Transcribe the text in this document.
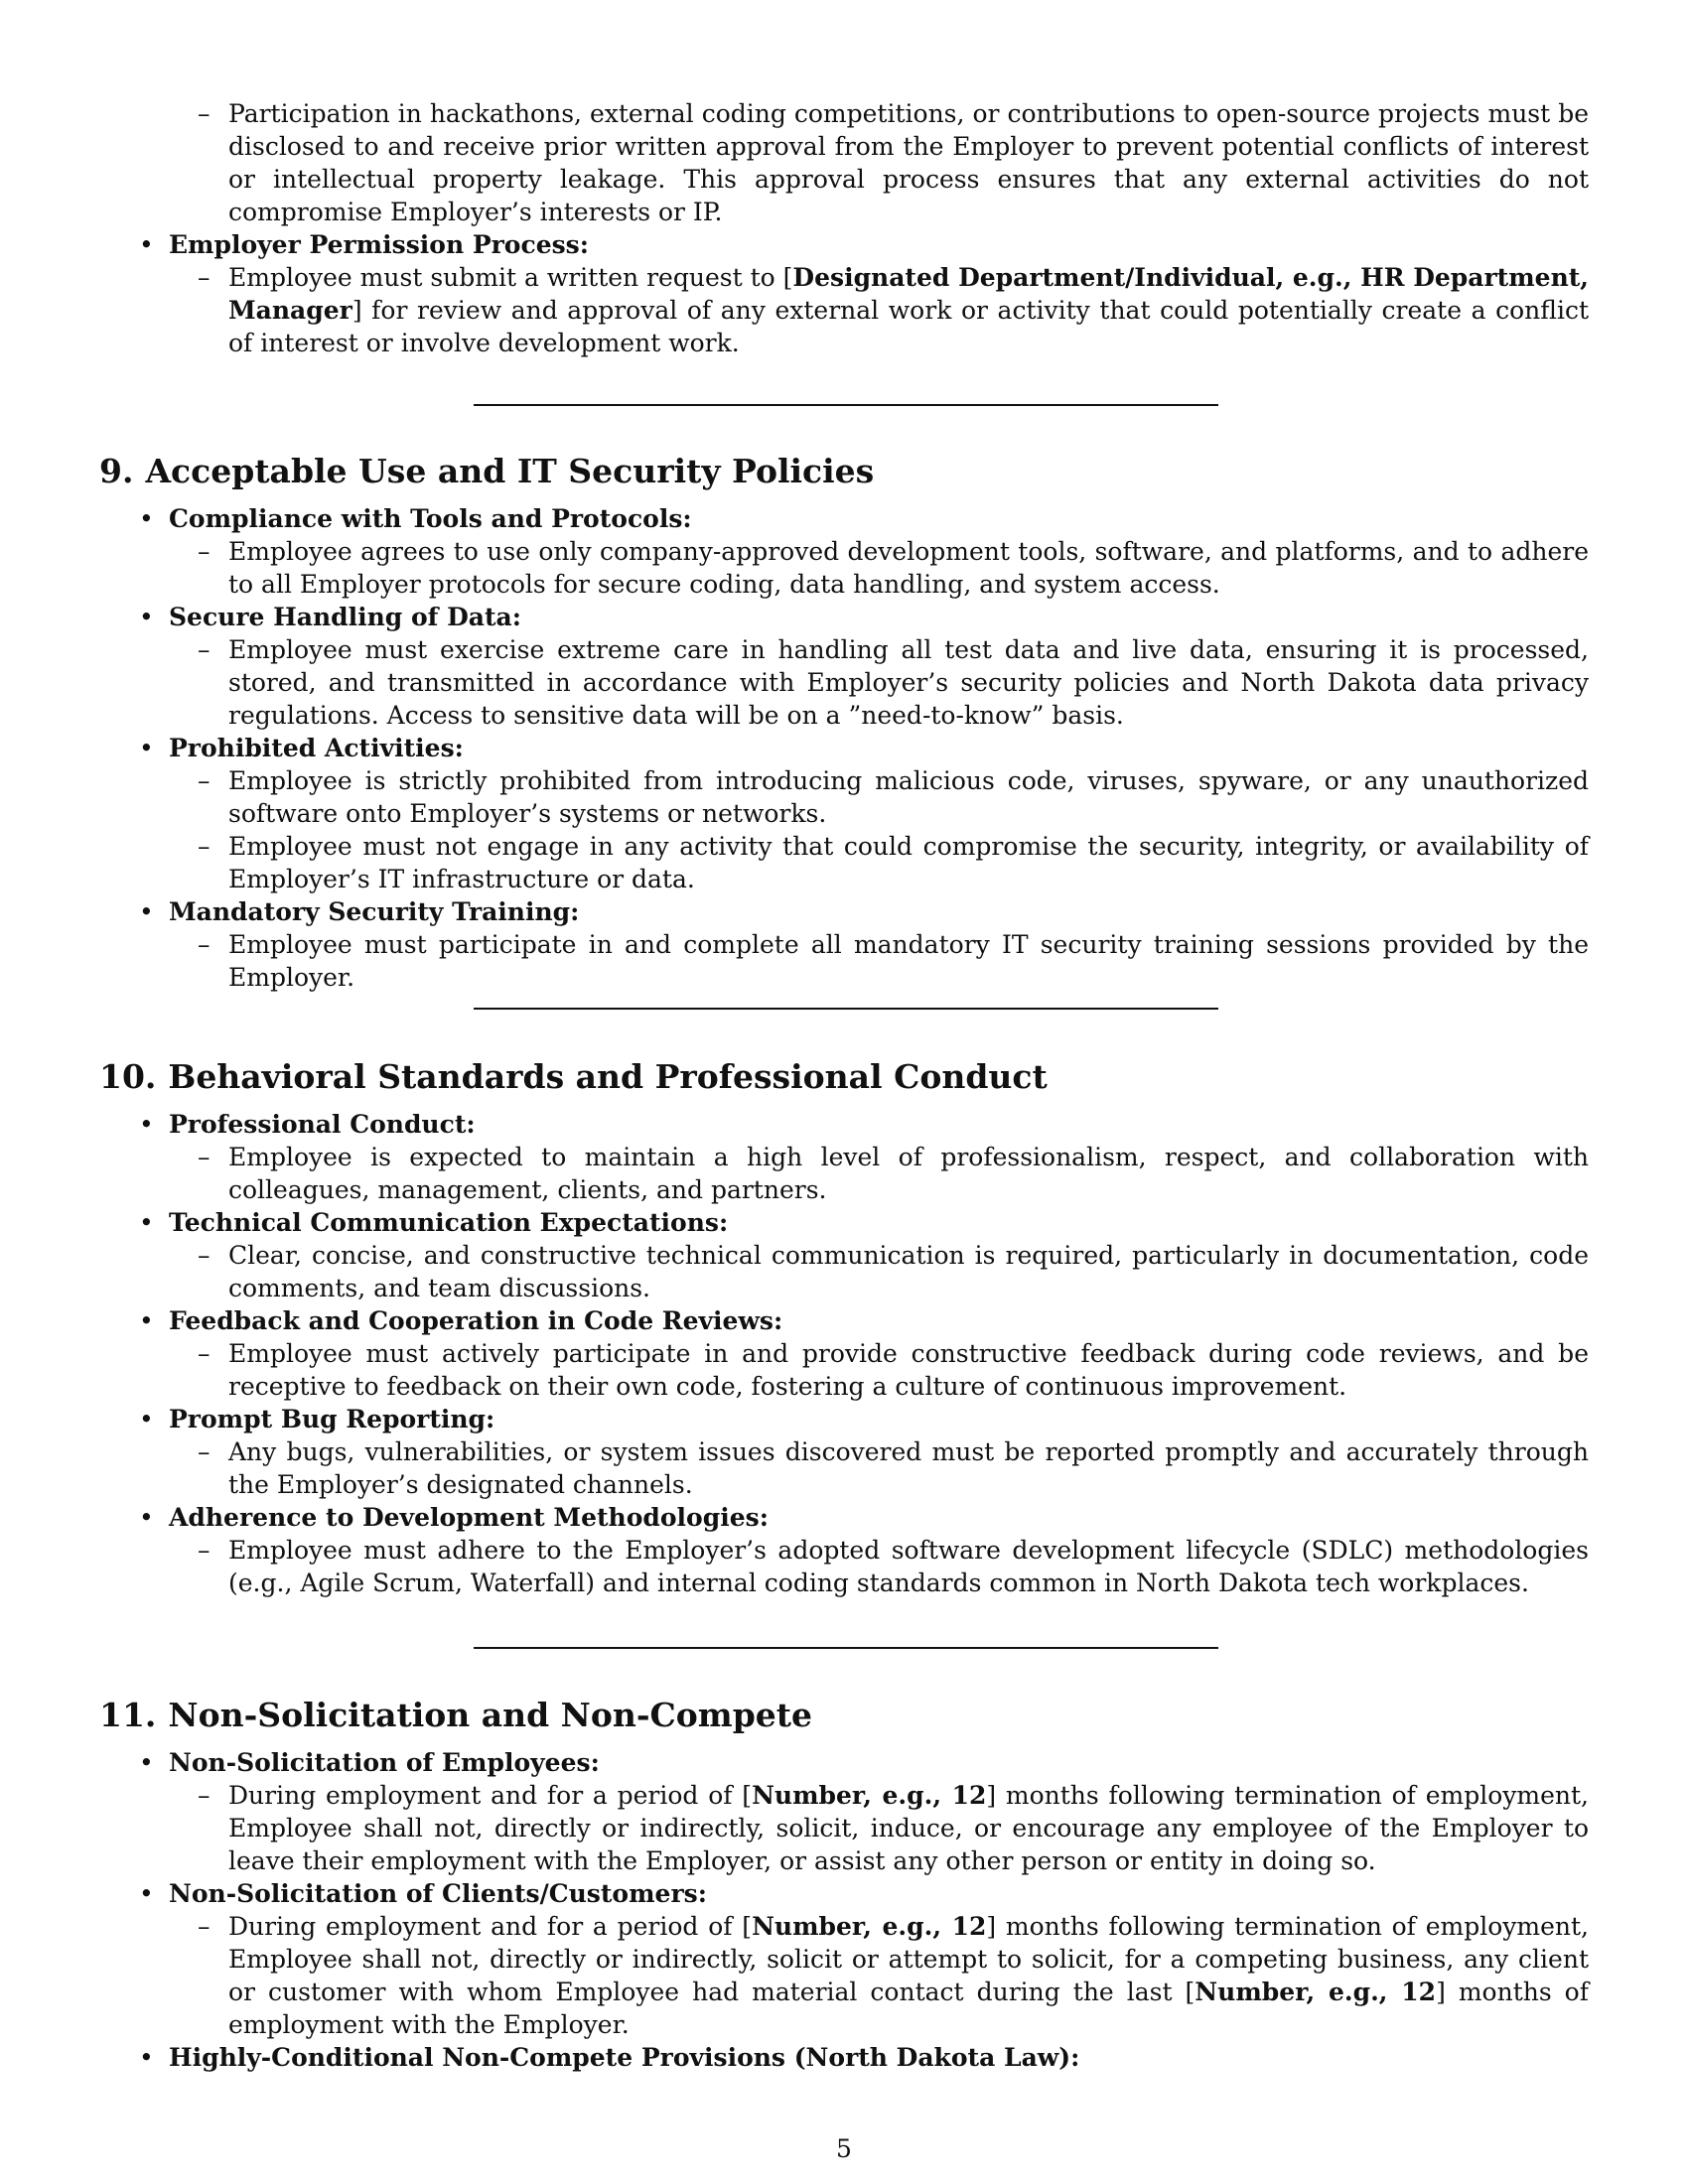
– Participation in hackathons, external coding competitions, or contributions to open-source projects must be disclosed to and receive prior written approval from the Employer to prevent potential conflicts of interest or intellectual property leakage. This approval process ensures that any external activities do not compromise Employer’s interests or IP.
• Employer Permission Process:
– Employee must submit a written request to [Designated Department/Individual, e.g., HR Department, Manager] for review and approval of any external work or activity that could potentially create a conflict of interest or involve development work.
9. Acceptable Use and IT Security Policies
• Compliance with Tools and Protocols:
– Employee agrees to use only company-approved development tools, software, and platforms, and to adhere to all Employer protocols for secure coding, data handling, and system access.
• Secure Handling of Data:
– Employee must exercise extreme care in handling all test data and live data, ensuring it is processed, stored, and transmitted in accordance with Employer’s security policies and North Dakota data privacy regulations. Access to sensitive data will be on a ”need-to-know” basis.
• Prohibited Activities:
– Employee is strictly prohibited from introducing malicious code, viruses, spyware, or any unauthorized software onto Employer’s systems or networks.
– Employee must not engage in any activity that could compromise the security, integrity, or availability of Employer’s IT infrastructure or data.
• Mandatory Security Training:
– Employee must participate in and complete all mandatory IT security training sessions provided by the Employer.
10. Behavioral Standards and Professional Conduct
• Professional Conduct:
– Employee is expected to maintain a high level of professionalism, respect, and collaboration with colleagues, management, clients, and partners.
• Technical Communication Expectations:
– Clear, concise, and constructive technical communication is required, particularly in documentation, code comments, and team discussions.
• Feedback and Cooperation in Code Reviews:
– Employee must actively participate in and provide constructive feedback during code reviews, and be receptive to feedback on their own code, fostering a culture of continuous improvement.
• Prompt Bug Reporting:
– Any bugs, vulnerabilities, or system issues discovered must be reported promptly and accurately through the Employer’s designated channels.
• Adherence to Development Methodologies:
– Employee must adhere to the Employer’s adopted software development lifecycle (SDLC) methodologies (e.g., Agile Scrum, Waterfall) and internal coding standards common in North Dakota tech workplaces.
11. Non-Solicitation and Non-Compete
• Non-Solicitation of Employees:
– During employment and for a period of [Number, e.g., 12] months following termination of employment, Employee shall not, directly or indirectly, solicit, induce, or encourage any employee of the Employer to leave their employment with the Employer, or assist any other person or entity in doing so.
• Non-Solicitation of Clients/Customers:
– During employment and for a period of [Number, e.g., 12] months following termination of employment, Employee shall not, directly or indirectly, solicit or attempt to solicit, for a competing business, any client or customer with whom Employee had material contact during the last [Number, e.g., 12] months of employment with the Employer.
• Highly-Conditional Non-Compete Provisions (North Dakota Law):
5
